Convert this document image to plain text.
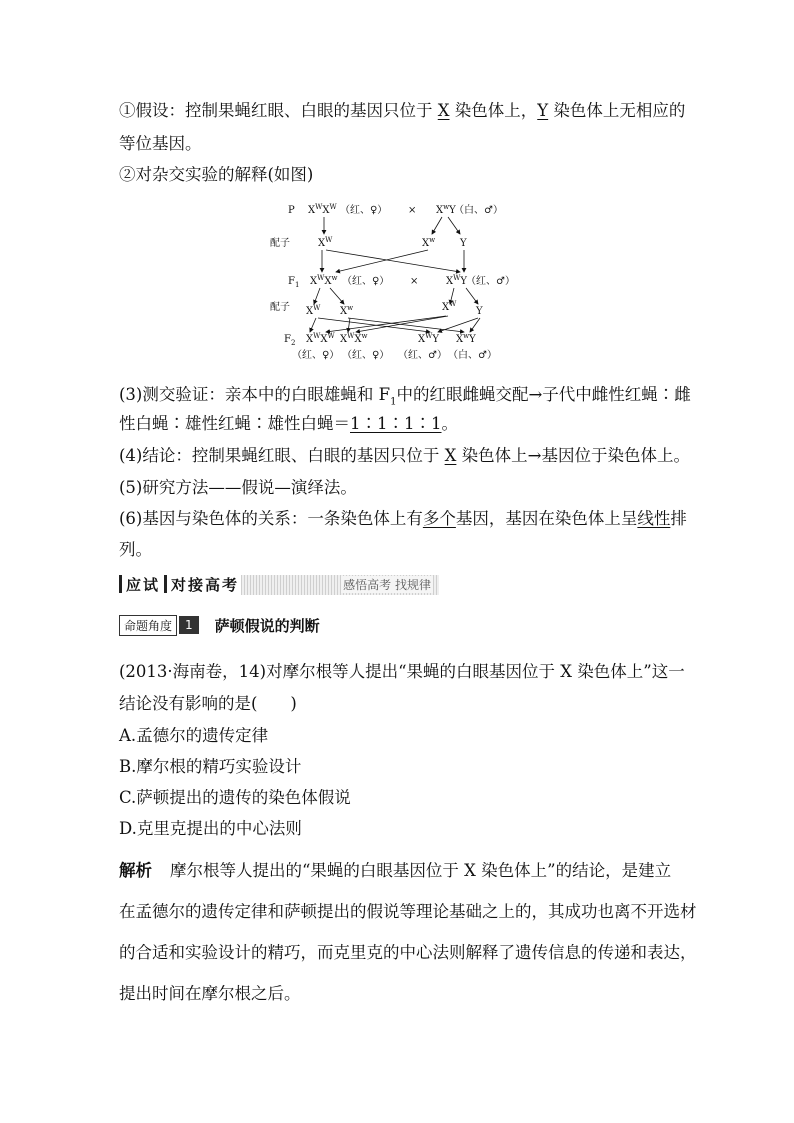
①假设：控制果蝇红眼、白眼的基因只位于 X 染色体上，Y 染色体上无相应的
等位基因。
②对杂交实验的解释(如图)
P $X^WX^W$ （红、♀） × $X^wY$
（白、♂）
配子	$X^W$	$X^w$ Y
$F_1$ $X^WX^w$ （红、♀） ×	$X^WY$ （红、♂）
配子 $X^W$ $X^w$	$X^W$
Y
$F_2$ $X^WX^W$ $X^WX^w$	$X^WY$ $X^wY$
（红、♀） （红、♀） （红、♂） （白、♂）
(3)测交验证：亲本中的白眼雄蝇和 $F_1$中的红眼雌蝇交配→子代中雌性红蝇∶雌
性白蝇∶雄性红蝇∶雄性白蝇＝1∶1∶1∶1。
(4)结论：控制果蝇红眼、白眼的基因只位于 X 染色体上→基因位于染色体上。
(5)研究方法——假说—演绎法。
(6)基因与染色体的关系：一条染色体上有多个基因，基因在染色体上呈线性排
列。
应试 对接高考	感悟高考 找规律
命题角度	1	萨顿假说的判断
(2013·海南卷，14)对摩尔根等人提出“果蝇的白眼基因位于 X 染色体上”这一
结论没有影响的是(　　)
A.孟德尔的遗传定律
B.摩尔根的精巧实验设计
C.萨顿提出的遗传的染色体假说
D.克里克提出的中心法则
解析 摩尔根等人提出的“果蝇的白眼基因位于 X 染色体上”的结论，是建立
在孟德尔的遗传定律和萨顿提出的假说等理论基础之上的，其成功也离不开选材
的合适和实验设计的精巧，而克里克的中心法则解释了遗传信息的传递和表达，
提出时间在摩尔根之后。
